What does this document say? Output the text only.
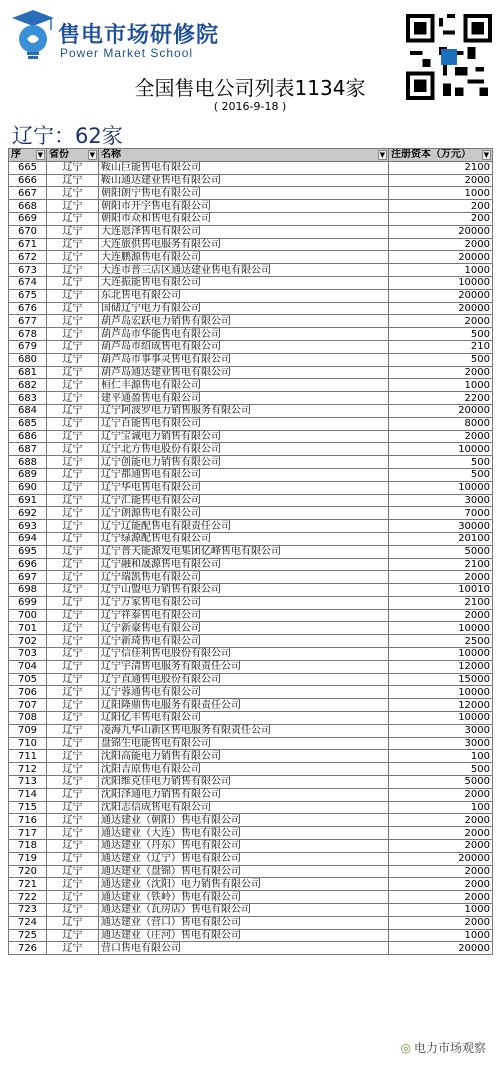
售电市场研修院
Power Market School
全国售电公司列表1134家
( 2016-9-18 )
辽宁：62家
序 ▼	省份 ▼	名称 ▼	注册资本（万元） ▼

665	辽宁	鞍山巨能售电有限公司	2100
666	辽宁	鞍山通达建业售电有限公司	2000
667	辽宁	朝阳朗宁售电有限公司	1000
668	辽宁	朝阳市开宇售电有限公司	200
669	辽宁	朝阳市众和售电有限公司	200
670	辽宁	大连恩泽售电有限公司	20000
671	辽宁	大连旅供售电服务有限公司	2000
672	辽宁	大连鹏源售电有限公司	20000
673	辽宁	大连市普三店区通达建业售电有限公司	1000
674	辽宁	大连振能售电有限公司	10000
675	辽宁	东北售电有限公司	20000
676	辽宁	国储辽宁电力有限公司	20000
677	辽宁	葫芦岛宏跃电力销售有限公司	2000
678	辽宁	葫芦岛市华能售电有限公司	500
679	辽宁	葫芦岛市绍成售电有限公司	210
680	辽宁	葫芦岛市事事灵售电有限公司	500
681	辽宁	葫芦岛通达建业售电有限公司	2000
682	辽宁	桓仁丰源售电有限公司	1000
683	辽宁	建平通盈售电有限公司	2200
684	辽宁	辽宁阿波罗电力销售服务有限公司	20000
685	辽宁	辽宁百能售电有限公司	8000
686	辽宁	辽宁宝诚电力销售有限公司	2000
687	辽宁	辽宁北方售电股份有限公司	10000
688	辽宁	辽宁创能电力销售有限公司	500
689	辽宁	辽宁都通售电有限公司	500
690	辽宁	辽宁华电售电有限公司	10000
691	辽宁	辽宁汇能售电有限公司	3000
692	辽宁	辽宁朗源售电有限公司	7000
693	辽宁	辽宁辽能配售电有限责任公司	30000
694	辽宁	辽宁绿源配售电有限公司	20100
695	辽宁	辽宁普天能源发电集团亿峰售电有限公司	5000
696	辽宁	辽宁融和晟源售电有限公司	2100
697	辽宁	辽宁瑞凯售电有限公司	2000
698	辽宁	辽宁山盟电力销售有限公司	10010
699	辽宁	辽宁万家售电有限公司	2100
700	辽宁	辽宁祥泰售电有限公司	2000
701	辽宁	辽宁新豪售电有限公司	10000
702	辽宁	辽宁新琦售电有限公司	2500
703	辽宁	辽宁信佳利售电股份有限公司	10000
704	辽宁	辽宁宇清售电服务有限责任公司	12000
705	辽宁	辽宁直通售电股份有限公司	15000
706	辽宁	辽宁蓉通售电有限公司	10000
707	辽宁	辽阳隆鼎售电服务有限责任公司	12000
708	辽宁	辽阳亿丰售电有限公司	10000
709	辽宁	凌海九华山新区售电服务有限责任公司	3000
710	辽宁	盘锦生电能售电有限公司	3000
711	辽宁	沈阳高能电力销售有限公司	100
712	辽宁	沈阳吉原售电有限公司	500
713	辽宁	沈阳维克佳电力销售有限公司	5000
714	辽宁	沈阳泽通电力销售有限公司	2000
715	辽宁	沈阳志信成售电有限公司	100
716	辽宁	通达建业（朝阳）售电有限公司	2000
717	辽宁	通达建业（大连）售电有限公司	2000
718	辽宁	通达建业（丹东）售电有限公司	2000
719	辽宁	通达建业（辽宁）售电有限公司	20000
720	辽宁	通达建业（盘锦）售电有限公司	2000
721	辽宁	通达建业（沈阳）电力销售有限公司	2000
722	辽宁	通达建业（铁岭）售电有限公司	2000
723	辽宁	通达建业（瓦房店）售电有限公司	1000
724	辽宁	通达建业（营口）售电有限公司	2000
725	辽宁	通达建业（庄河）售电有限公司	1000
726	辽宁	营口售电有限公司	20000
◎ 电力市场观察
